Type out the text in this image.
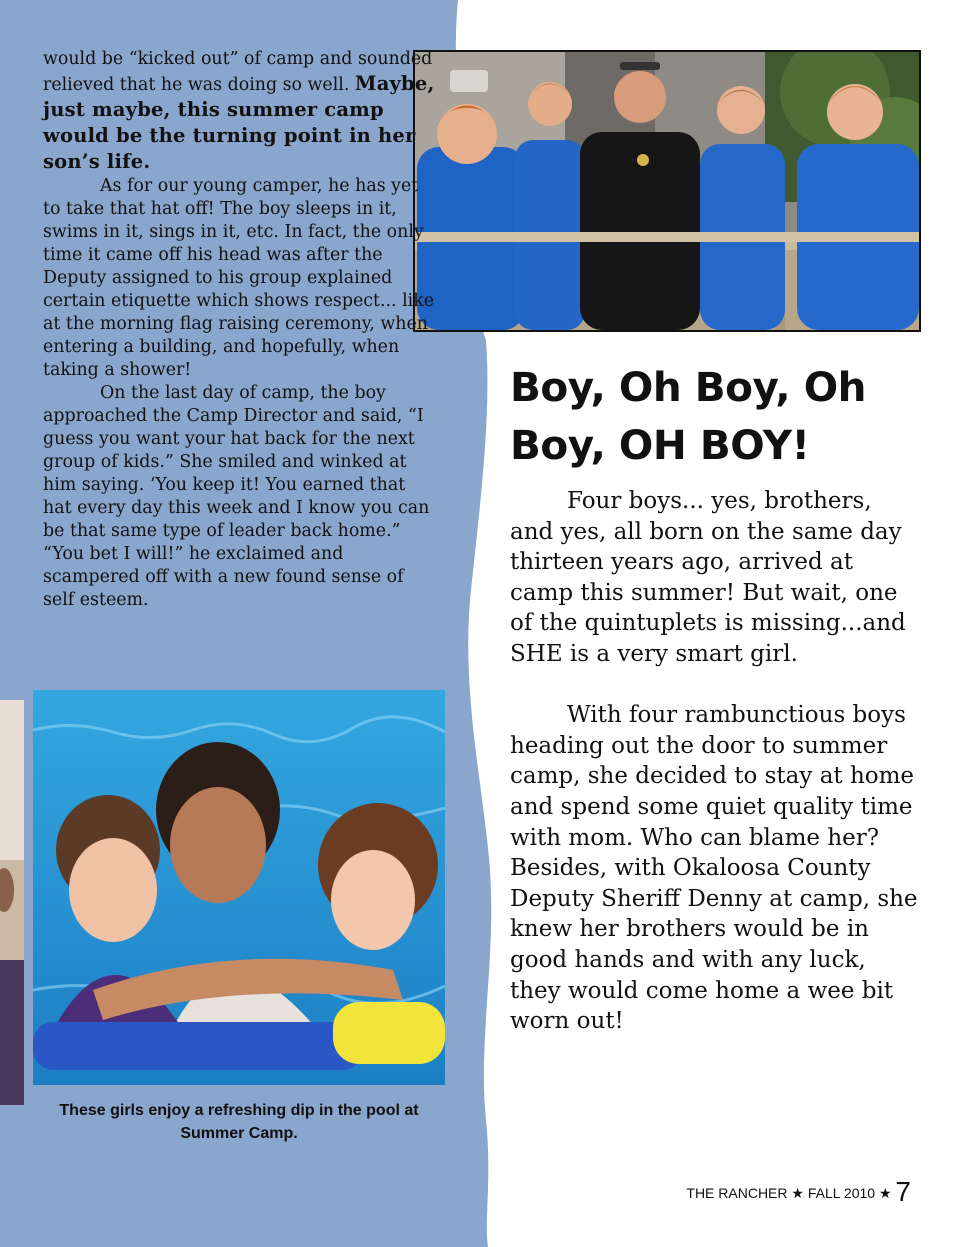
would be “kicked out” of camp and sounded relieved that he was doing so well. Maybe, just maybe, this summer camp would be the turning point in her son’s life.

As for our young camper, he has yet to take that hat off! The boy sleeps in it, swims in it, sings in it, etc. In fact, the only time it came off his head was after the Deputy assigned to his group explained certain etiquette which shows respect... like at the morning flag raising ceremony, when entering a building, and hopefully, when taking a shower!

On the last day of camp, the boy approached the Camp Director and said, “I guess you want your hat back for the next group of kids.” She smiled and winked at him saying. ‘You keep it! You earned that hat every day this week and I know you can be that same type of leader back home.” “You bet I will!” he exclaimed and scampered off with a new found sense of self esteem.

These girls enjoy a refreshing dip in the pool at Summer Camp.
Boy, Oh Boy, Oh Boy, OH BOY!

Four boys... yes, brothers, and yes, all born on the same day thirteen years ago, arrived at camp this summer! But wait, one of the quintuplets is missing...and SHE is a very smart girl.

With four rambunctious boys heading out the door to summer camp, she decided to stay at home and spend some quiet quality time with mom. Who can blame her? Besides, with Okaloosa County Deputy Sheriff Denny at camp, she knew her brothers would be in good hands and with any luck, they would come home a wee bit worn out!

THE RANCHER ★ FALL 2010 ★ 7
